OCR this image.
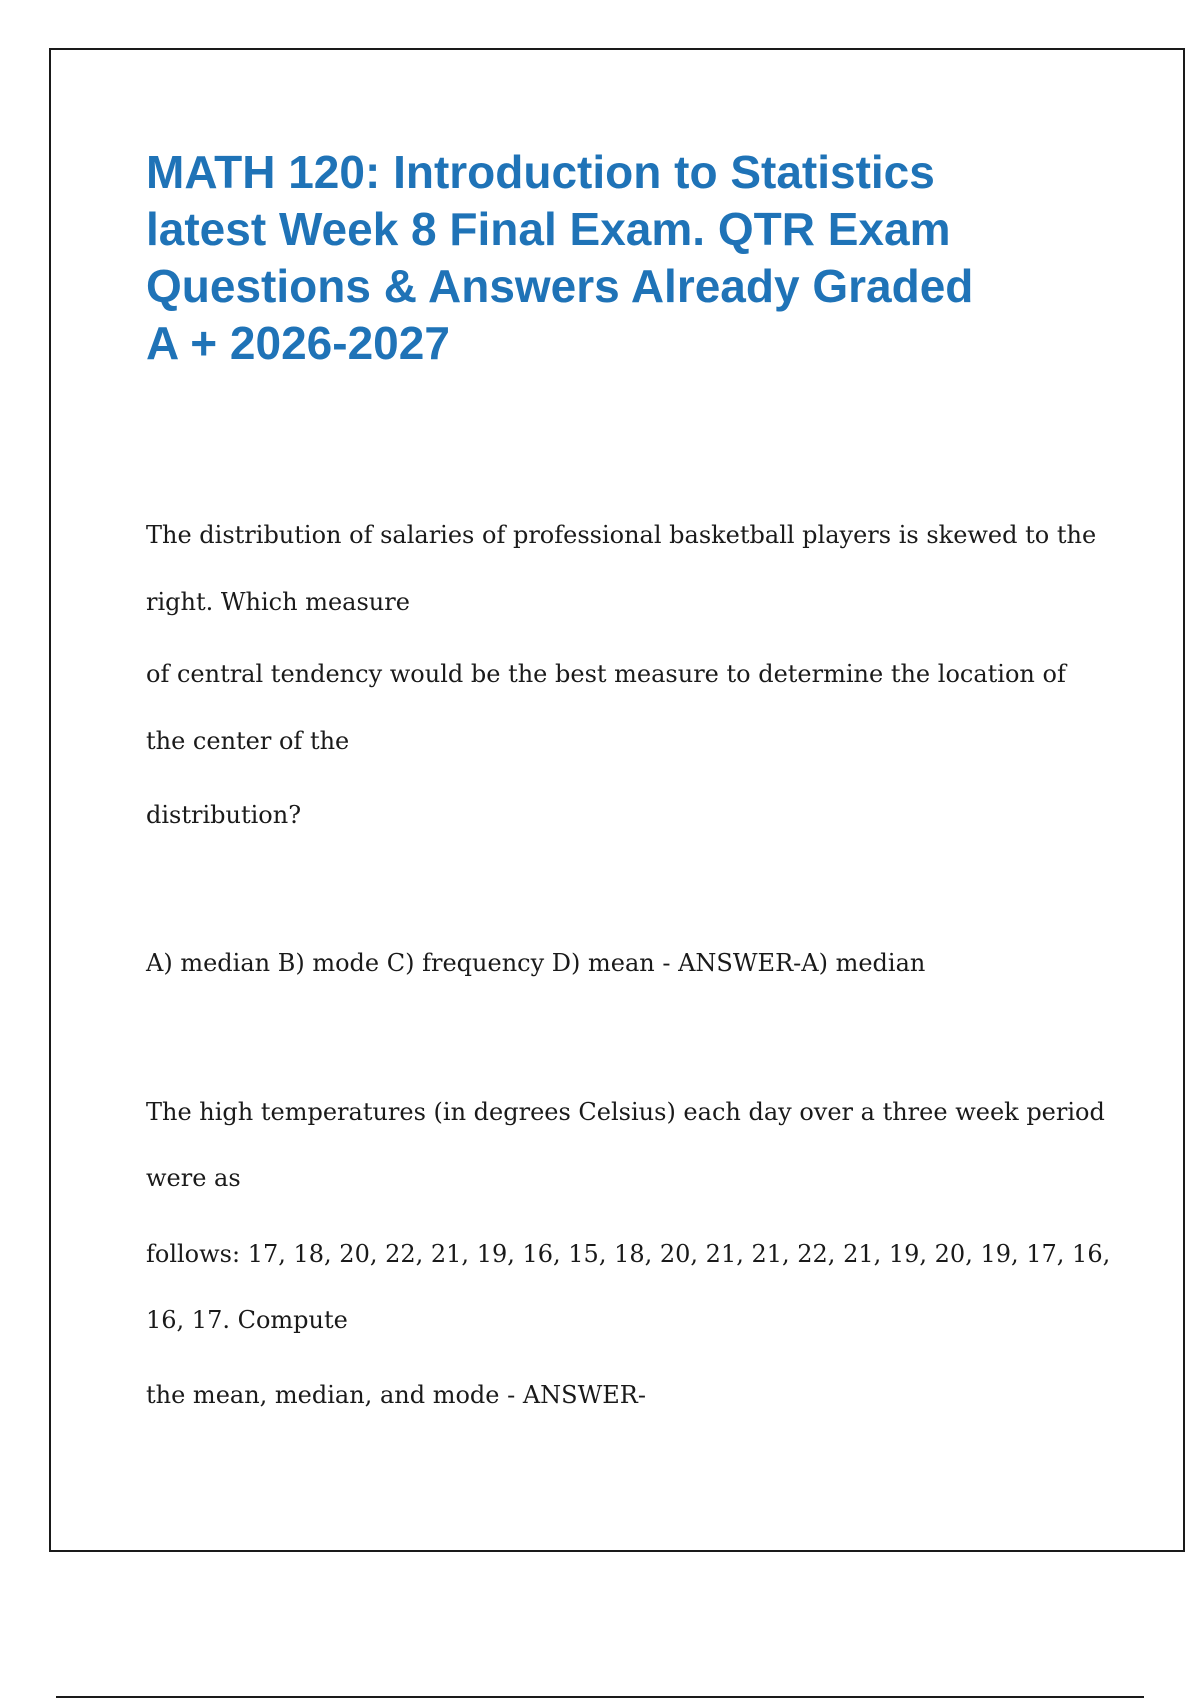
MATH 120: Introduction to Statistics
latest Week 8 Final Exam. QTR Exam
Questions & Answers Already Graded
A + 2026-2027

The distribution of salaries of professional basketball players is skewed to the

right. Which measure

of central tendency would be the best measure to determine the location of

the center of the

distribution?

A) median B) mode C) frequency D) mean - ANSWER-A) median

The high temperatures (in degrees Celsius) each day over a three week period

were as

follows: 17, 18, 20, 22, 21, 19, 16, 15, 18, 20, 21, 21, 22, 21, 19, 20, 19, 17, 16,

16, 17. Compute

the mean, median, and mode - ANSWER-
